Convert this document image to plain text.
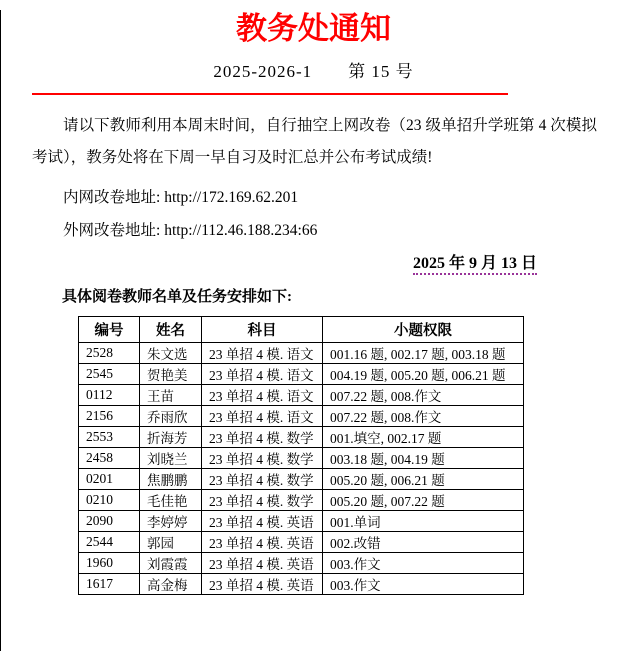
教务处通知
2025-2026-1　　第 15 号
请以下教师利用本周末时间，自行抽空上网改卷（23 级单招升学班第 4 次模拟考试），教务处将在下周一早自习及时汇总并公布考试成绩!
内网改卷地址: http://172.169.62.201
外网改卷地址: http://112.46.188.234:66
2025 年 9 月 13 日
具体阅卷教师名单及任务安排如下:
编号	姓名	科目	小题权限
2528	朱文选	23 单招 4 模. 语文	001.16 题, 002.17 题, 003.18 题
2545	贺艳美	23 单招 4 模. 语文	004.19 题, 005.20 题, 006.21 题
0112	王苗	23 单招 4 模. 语文	007.22 题, 008.作文
2156	乔雨欣	23 单招 4 模. 语文	007.22 题, 008.作文
2553	折海芳	23 单招 4 模. 数学	001.填空, 002.17 题
2458	刘晓兰	23 单招 4 模. 数学	003.18 题, 004.19 题
0201	焦鹏鹏	23 单招 4 模. 数学	005.20 题, 006.21 题
0210	毛佳艳	23 单招 4 模. 数学	005.20 题, 007.22 题
2090	李婷婷	23 单招 4 模. 英语	001.单词
2544	郭园	23 单招 4 模. 英语	002.改错
1960	刘霞霞	23 单招 4 模. 英语	003.作文
1617	高金梅	23 单招 4 模. 英语	003.作文
